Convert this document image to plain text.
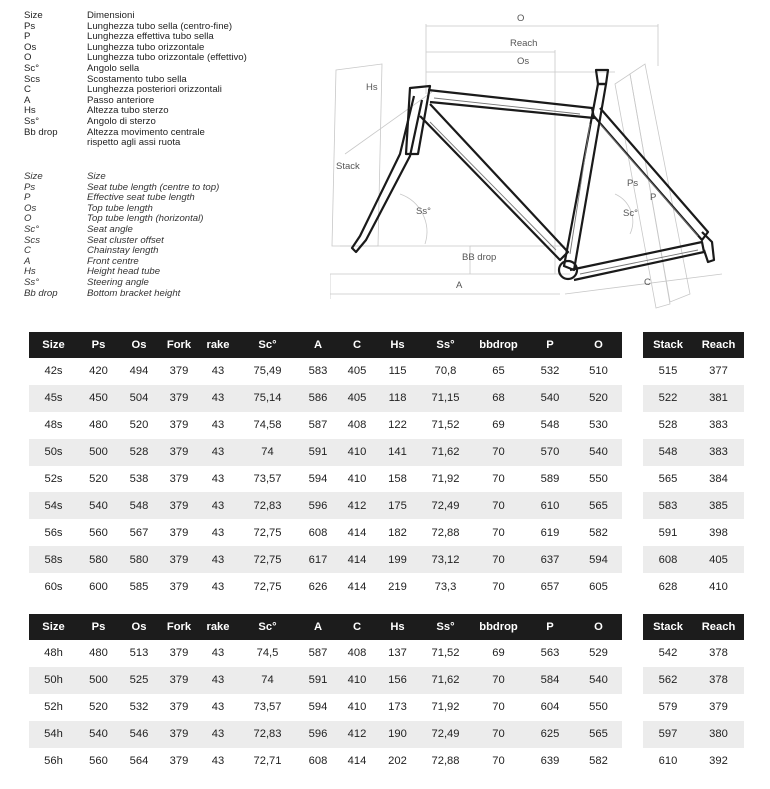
Size	Dimensioni
Ps	Lunghezza tubo sella (centro-fine)
P	Lunghezza effettiva tubo sella
Os	Lunghezza tubo orizzontale
O	Lunghezza tubo orizzontale (effettivo)
Sc°	Angolo sella
Scs	Scostamento tubo sella
C	Lunghezza posteriori orizzontali
A	Passo anteriore
Hs	Altezza tubo sterzo
Ss°	Angolo di sterzo
Bb drop	Altezza movimento centrale
rispetto agli assi ruota
Size	Size
Ps	Seat tube length (centre to top)
P	Effective seat tube length
Os	Top tube length
O	Top tube length (horizontal)
Sc°	Seat angle
Scs	Seat cluster offset
C	Chainstay length
A	Front centre
Hs	Height head tube
Ss°	Steering angle
Bb drop	Bottom bracket height
O
Reach
Os
Hs
Stack
Ss°
Ps
Sc°
P
BB drop
A	C
Size	Ps	Os	Fork	rake	Sc°	A	C	Hs	Ss°	bbdrop	P	O
42s	420	494	379	43	75,49	583	405	115	70,8	65	532	510
45s	450	504	379	43	75,14	586	405	118	71,15	68	540	520
48s	480	520	379	43	74,58	587	408	122	71,52	69	548	530
50s	500	528	379	43	74	591	410	141	71,62	70	570	540
52s	520	538	379	43	73,57	594	410	158	71,92	70	589	550
54s	540	548	379	43	72,83	596	412	175	72,49	70	610	565
56s	560	567	379	43	72,75	608	414	182	72,88	70	619	582
58s	580	580	379	43	72,75	617	414	199	73,12	70	637	594
60s	600	585	379	43	72,75	626	414	219	73,3	70	657	605
Stack	Reach
515	377
522	381
528	383
548	383
565	384
583	385
591	398
608	405
628	410
Size	Ps	Os	Fork	rake	Sc°	A	C	Hs	Ss°	bbdrop	P	O
48h	480	513	379	43	74,5	587	408	137	71,52	69	563	529
50h	500	525	379	43	74	591	410	156	71,62	70	584	540
52h	520	532	379	43	73,57	594	410	173	71,92	70	604	550
54h	540	546	379	43	72,83	596	412	190	72,49	70	625	565
56h	560	564	379	43	72,71	608	414	202	72,88	70	639	582
Stack	Reach
542	378
562	378
579	379
597	380
610	392
